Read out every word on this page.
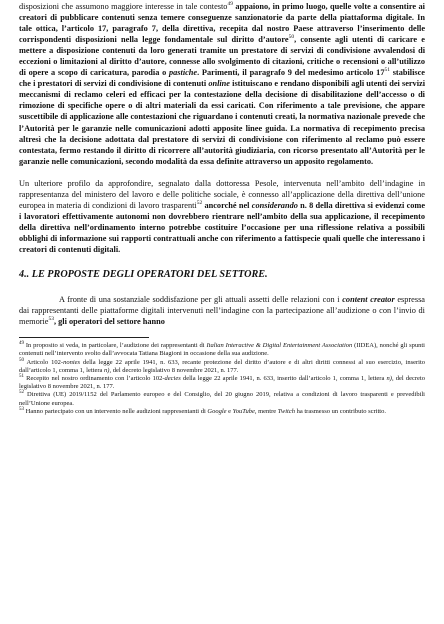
disposizioni che assumono maggiore interesse in tale contesto$^{49}$ appaiono, in primo luogo, quelle volte a consentire ai creatori di pubblicare contenuti senza temere conseguenze sanzionatorie da parte della piattaforma digitale. In tale ottica, l’articolo 17, paragrafo 7, della direttiva, recepita dal nostro Paese attraverso l’inserimento delle corrispondenti disposizioni nella legge fondamentale sul diritto d’autore$^{50}$, consente agli utenti di caricare e mettere a disposizione contenuti da loro generati tramite un prestatore di servizi di condivisione avvalendosi di eccezioni o limitazioni al diritto d’autore, connesse allo svolgimento di citazioni, critiche o recensioni o all’utilizzo di opere a scopo di caricatura, parodia o pastiche. Parimenti, il paragrafo 9 del medesimo articolo $17^{51}$ stabilisce che i prestatori di servizi di condivisione di contenuti online istituiscano e rendano disponibili agli utenti dei servizi meccanismi di reclamo celeri ed efficaci per la contestazione della decisione di disabilitazione dell’accesso o di rimozione di specifiche opere o di altri materiali da essi caricati. Con riferimento a tale previsione, che appare suscettibile di applicazione alle contestazioni che riguardano i contenuti creati, la normativa nazionale prevede che l’Autorità per le garanzie nelle comunicazioni adotti apposite linee guida. La normativa di recepimento precisa altresì che la decisione adottata dal prestatore di servizi di condivisione con riferimento al reclamo può essere contestata, fermo restando il diritto di ricorrere all’autorità giudiziaria, con ricorso presentato all’Autorità per le garanzie nelle comunicazioni, secondo modalità da essa definite attraverso un apposito regolamento.

Un ulteriore profilo da approfondire, segnalato dalla dottoressa Pesole, intervenuta nell’ambito dell’indagine in rappresentanza del ministero del lavoro e delle politiche sociale, è connesso all’applicazione della direttiva dell’unione europea in materia di condizioni di lavoro trasparenti$^{52}$ ancorché nel considerando n. 8 della direttiva si evidenzi come i lavoratori effettivamente autonomi non dovrebbero rientrare nell’ambito della sua applicazione, il recepimento della direttiva nell’ordinamento interno potrebbe costituire l’occasione per una riflessione relativa a possibili obblighi di informazione sui rapporti contrattuali anche con riferimento a fattispecie quali quelle che interessano i creatori di contenuti digitali.

4.. LE PROPOSTE DEGLI OPERATORI DEL SETTORE.

A fronte di una sostanziale soddisfazione per gli attuali assetti delle relazioni con i content creator espressa dai rappresentanti delle piattaforme digitali intervenuti nell’indagine con la partecipazione all’audizione o con l’invio di memorie$^{53}$, gli operatori del settore hanno

$^{49}$ In proposito si veda, in particolare, l’audizione dei rappresentanti di Italian Interactive & Digital Entertainment Association (IIDEA), nonché gli spunti contenuti nell’intervento svolto dall’avvocata Tatiana Biagioni in occasione della sua audizione.

$^{50}$ Articolo 102-nonies della legge 22 aprile 1941, n. 633, recante protezione del diritto d’autore e di altri diritti connessi al suo esercizio, inserito dall’articolo 1, comma 1, lettera n), del decreto legislativo 8 novembre 2021, n. 177.

$^{51}$ Recepito nel nostro ordinamento con l’articolo 102-decies della legge 22 aprile 1941, n. 633, inserito dall’articolo 1, comma 1, lettera n), del decreto legislativo 8 novembre 2021, n. 177.

$^{52}$ Direttiva (UE) 2019/1152 del Parlamento europeo e del Consiglio, del 20 giugno 2019, relativa a condizioni di lavoro trasparenti e prevedibili nell’Unione europea.

$^{53}$ Hanno partecipato con un intervento nelle audizioni rappresentanti di Google e YouTube, mentre Twitch ha trasmesso un contributo scritto.
